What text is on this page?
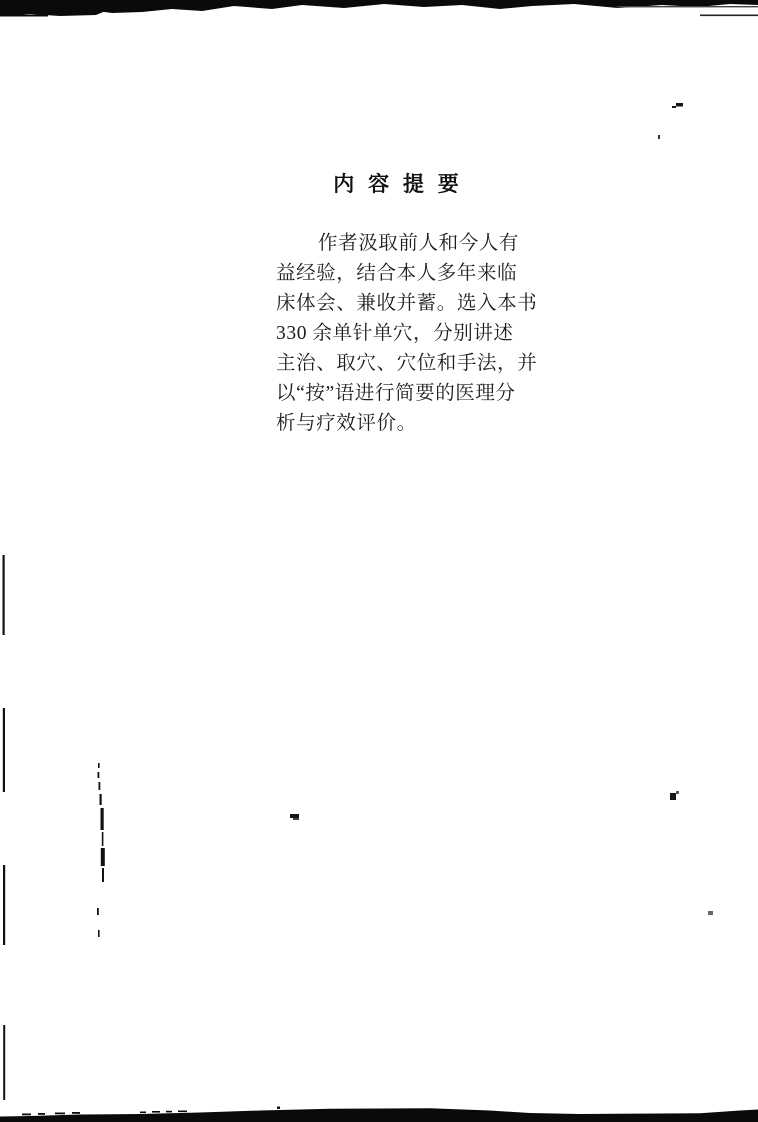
内 容 提 要
作者汲取前人和今人有
益经验，结合本人多年来临
床体会、兼收并蓄。选入本书
330 余单针单穴，分别讲述
主治、取穴、穴位和手法，并
以“按”语进行简要的医理分
析与疗效评价。
